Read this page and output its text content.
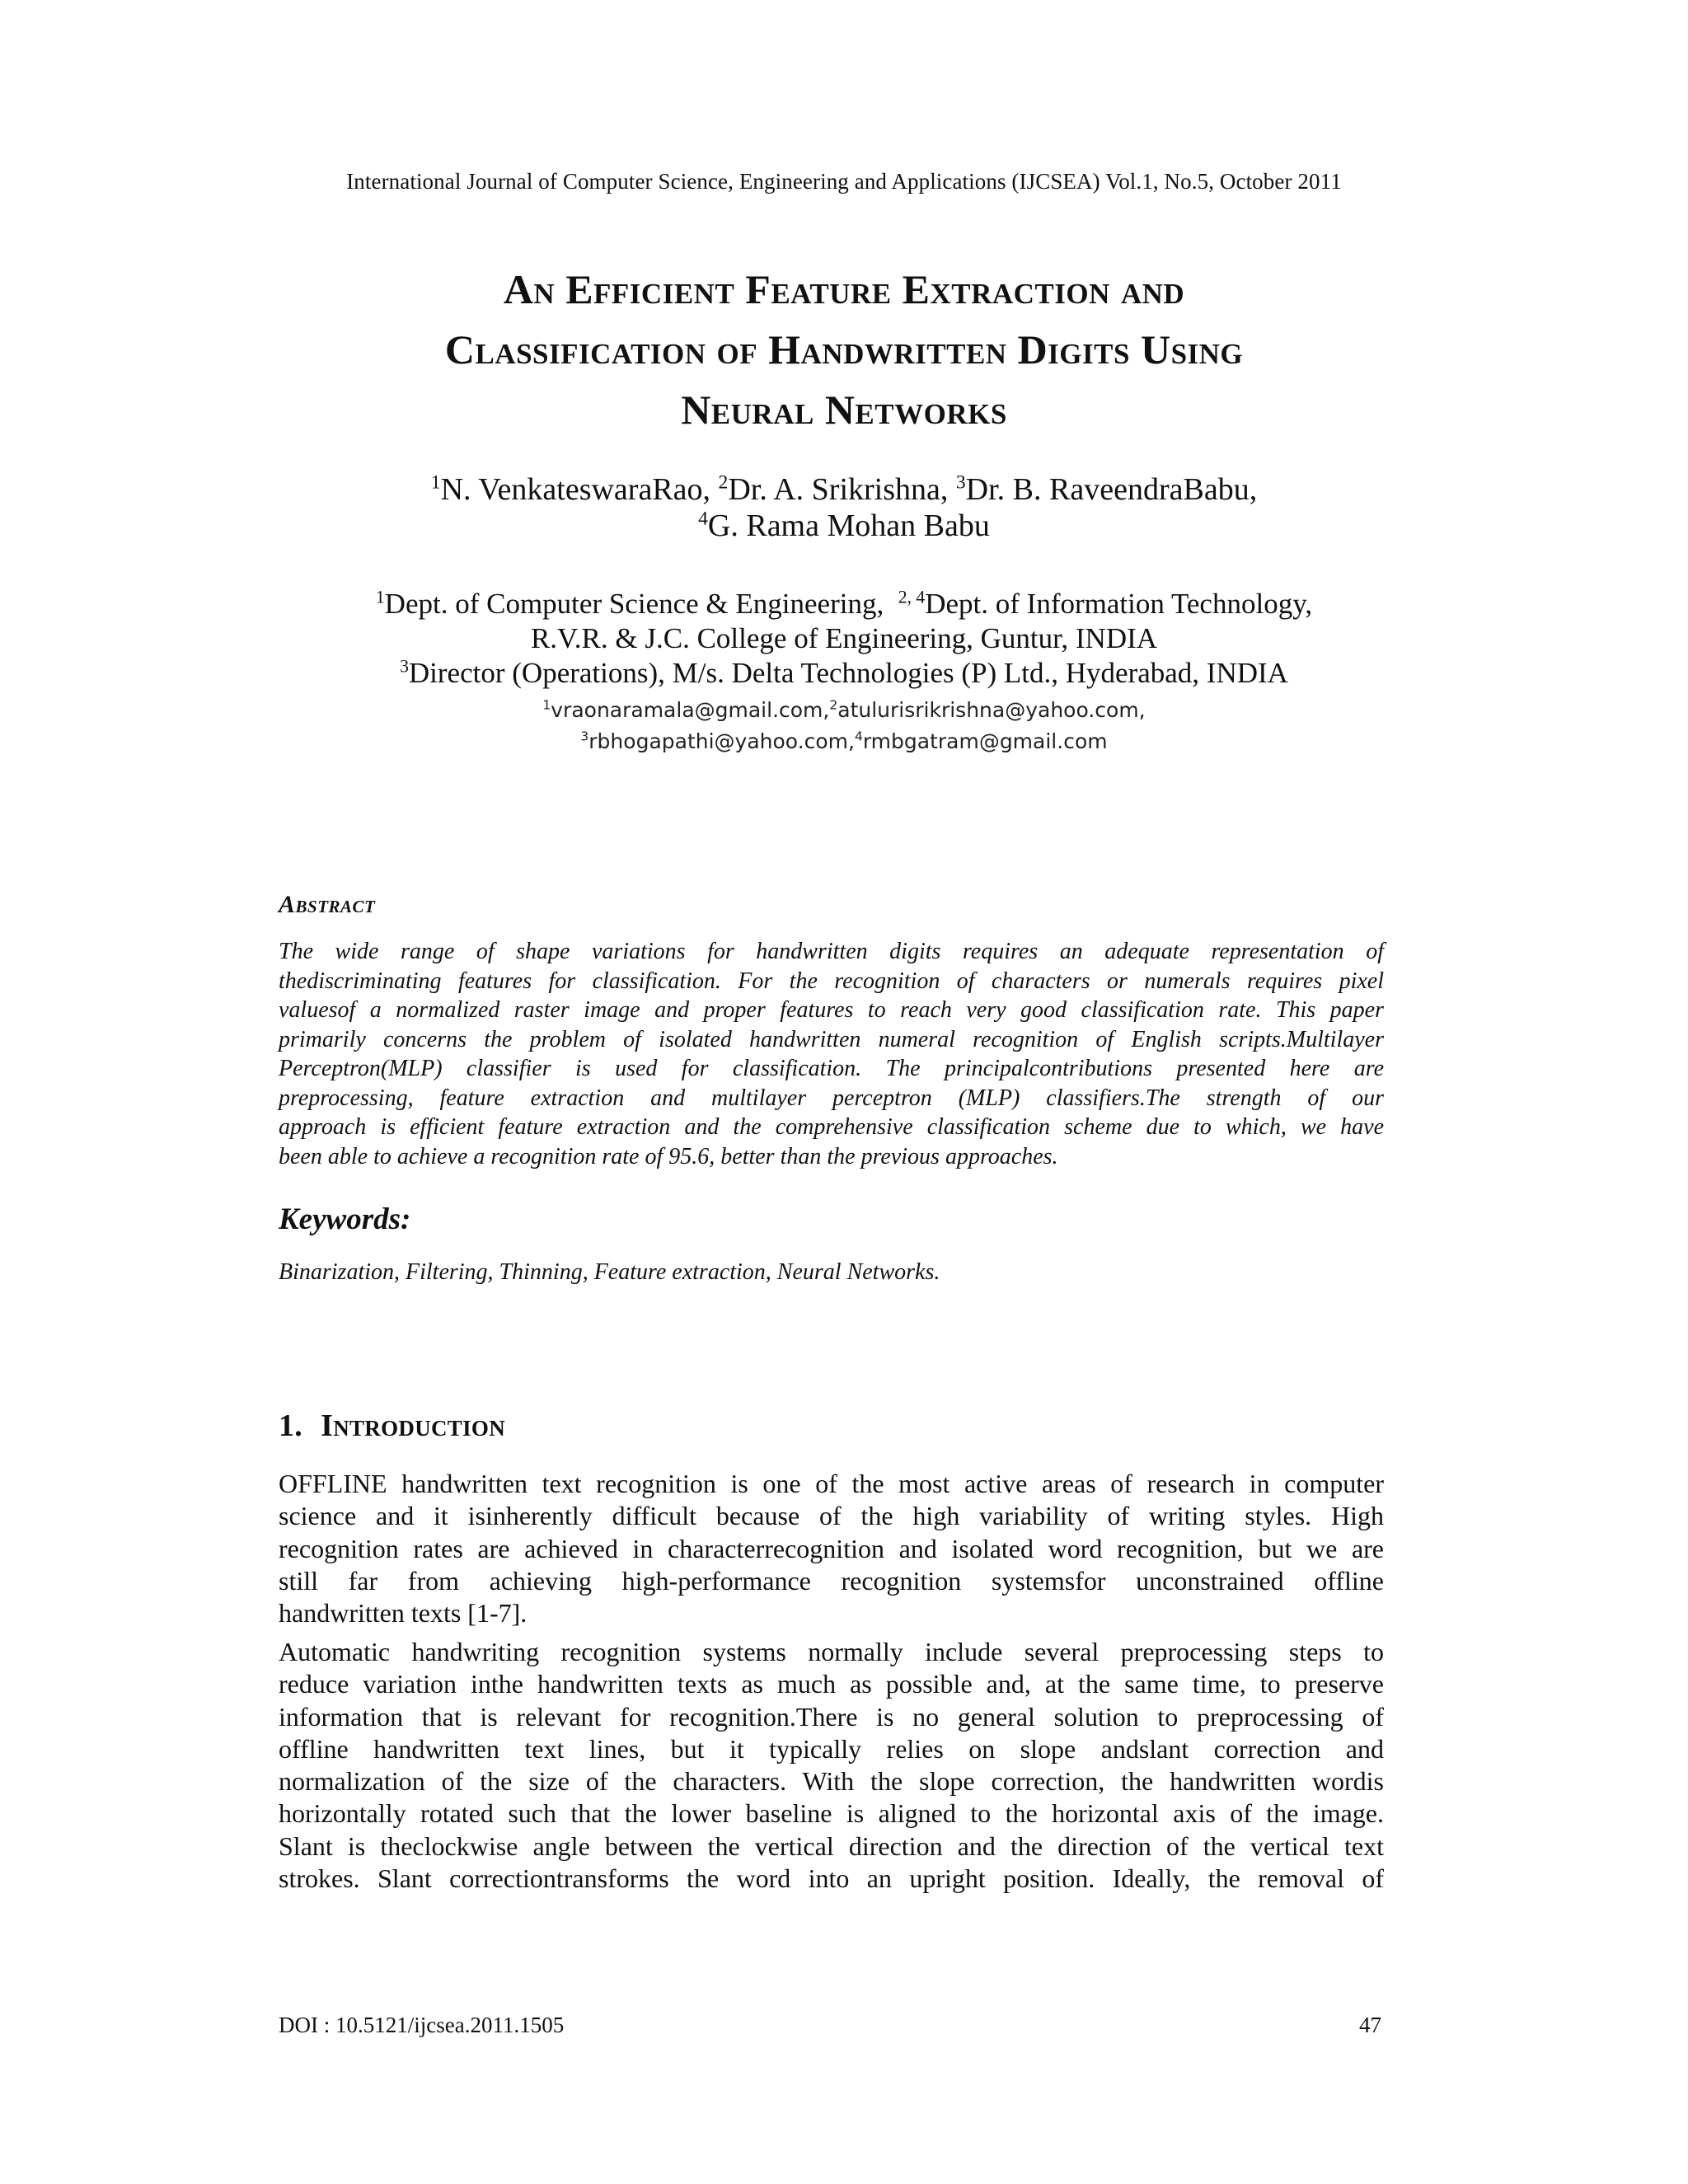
International Journal of Computer Science, Engineering and Applications (IJCSEA) Vol.1, No.5, October 2011
An Efficient Feature Extraction and
Classification of Handwritten Digits Using
Neural Networks
$^1$N. VenkateswaraRao, $^2$Dr. A. Srikrishna, $^3$Dr. B. RaveendraBabu,
$^4$G. Rama Mohan Babu
$^1$Dept. of Computer Science & Engineering,  $^{2, 4}$Dept. of Information Technology,
R.V.R. & J.C. College of Engineering, Guntur, INDIA
$^3$Director (Operations), M/s. Delta Technologies (P) Ltd., Hyderabad, INDIA
$^1$vraonaramala@gmail.com,$^2$atulurisrikrishna@yahoo.com,
$^3$rbhogapathi@yahoo.com,$^4$rmbgatram@gmail.com
Abstract
The wide range of shape variations for handwritten digits requires an adequate representation of
thediscriminating features for classification. For the recognition of characters or numerals requires pixel
valuesof a normalized raster image and proper features to reach very good classification rate. This paper
primarily concerns the problem of isolated handwritten numeral recognition of English scripts.Multilayer
Perceptron(MLP) classifier is used for classification. The principalcontributions presented here are
preprocessing, feature extraction and multilayer perceptron (MLP) classifiers.The strength of our
approach is efficient feature extraction and the comprehensive classification scheme due to which, we have
been able to achieve a recognition rate of 95.6, better than the previous approaches.
Keywords:
Binarization, Filtering, Thinning, Feature extraction, Neural Networks.
1. Introduction
OFFLINE handwritten text recognition is one of the most active areas of research in computer
science and it isinherently difficult because of the high variability of writing styles. High
recognition rates are achieved in characterrecognition and isolated word recognition, but we are
still far from achieving high-performance recognition systemsfor unconstrained offline
handwritten texts [1-7].
Automatic handwriting recognition systems normally include several preprocessing steps to
reduce variation inthe handwritten texts as much as possible and, at the same time, to preserve
information that is relevant for recognition.There is no general solution to preprocessing of
offline handwritten text lines, but it typically relies on slope andslant correction and
normalization of the size of the characters. With the slope correction, the handwritten wordis
horizontally rotated such that the lower baseline is aligned to the horizontal axis of the image.
Slant is theclockwise angle between the vertical direction and the direction of the vertical text
strokes. Slant correctiontransforms the word into an upright position. Ideally, the removal of
DOI : 10.5121/ijcsea.2011.1505	47
